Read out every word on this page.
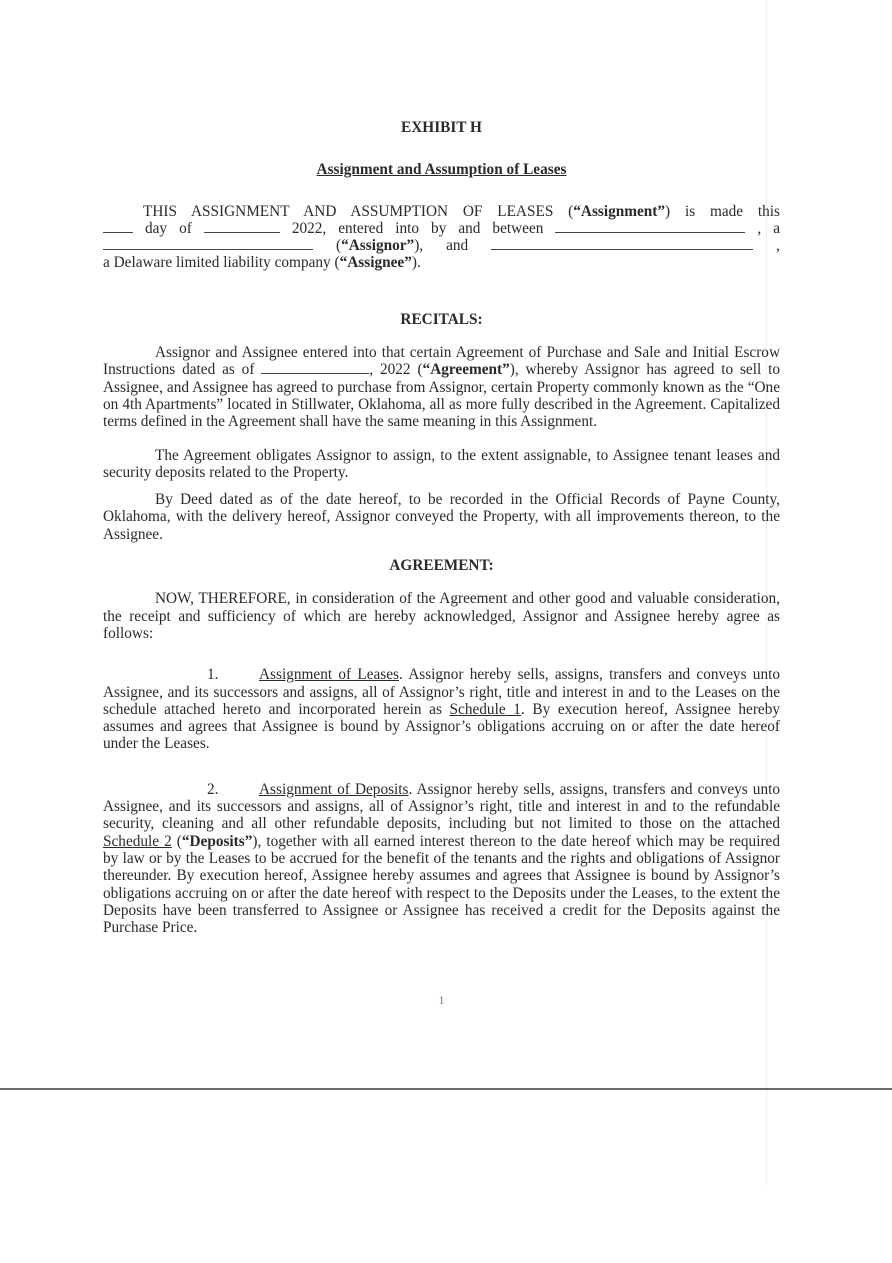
EXHIBIT H
Assignment and Assumption of Leases
THIS ASSIGNMENT AND ASSUMPTION OF LEASES (“Assignment”) is made this
day of	2022, entered into by and between	, a
(“Assignor”), and	,
a Delaware limited liability company (“Assignee”).
RECITALS:
Assignor and Assignee entered into that certain Agreement of Purchase and Sale and Initial Escrow Instructions dated as of	, 2022 (“Agreement”), whereby Assignor has agreed to sell to Assignee, and Assignee has agreed to purchase from Assignor, certain Property commonly known as the “One on 4th Apartments” located in Stillwater, Oklahoma, all as more fully described in the Agreement. Capitalized terms defined in the Agreement shall have the same meaning in this Assignment.
The Agreement obligates Assignor to assign, to the extent assignable, to Assignee tenant leases and security deposits related to the Property.
By Deed dated as of the date hereof, to be recorded in the Official Records of Payne County, Oklahoma, with the delivery hereof, Assignor conveyed the Property, with all improvements thereon, to the Assignee.
AGREEMENT:
NOW, THEREFORE, in consideration of the Agreement and other good and valuable consideration, the receipt and sufficiency of which are hereby acknowledged, Assignor and Assignee hereby agree as follows:
1.	Assignment of Leases. Assignor hereby sells, assigns, transfers and conveys unto Assignee, and its successors and assigns, all of Assignor’s right, title and interest in and to the Leases on the schedule attached hereto and incorporated herein as Schedule 1. By execution hereof, Assignee hereby assumes and agrees that Assignee is bound by Assignor’s obligations accruing on or after the date hereof under the Leases.
2.	Assignment of Deposits. Assignor hereby sells, assigns, transfers and conveys unto Assignee, and its successors and assigns, all of Assignor’s right, title and interest in and to the refundable security, cleaning and all other refundable deposits, including but not limited to those on the attached Schedule 2 (“Deposits”), together with all earned interest thereon to the date hereof which may be required by law or by the Leases to be accrued for the benefit of the tenants and the rights and obligations of Assignor thereunder. By execution hereof, Assignee hereby assumes and agrees that Assignee is bound by Assignor’s obligations accruing on or after the date hereof with respect to the Deposits under the Leases, to the extent the Deposits have been transferred to Assignee or Assignee has received a credit for the Deposits against the Purchase Price.
1
